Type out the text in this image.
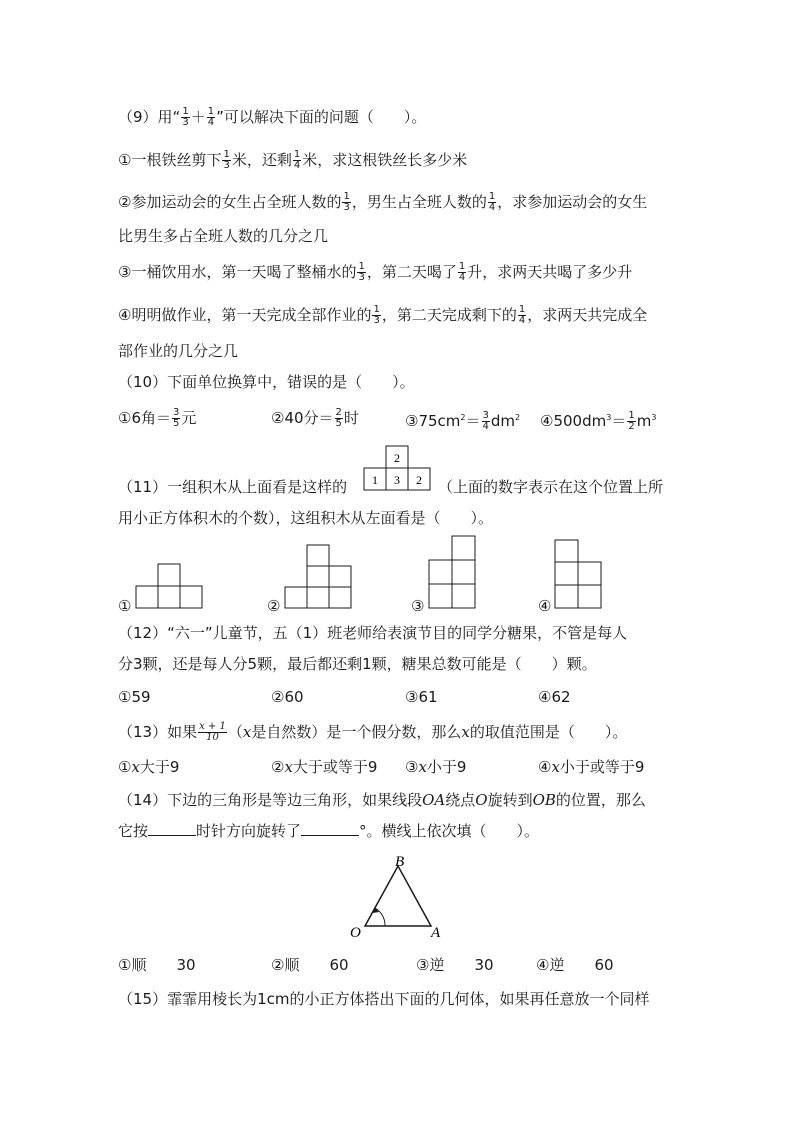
（9）用“ $\frac{1}{3} + \frac{1}{4}$ ”可以解决下面的问题（　　）。
①一根铁丝剪下 $\frac{1}{3}$ 米，还剩 $\frac{1}{4}$ 米，求这根铁丝长多少米
②参加运动会的女生占全班人数的 $\frac{1}{3}$ ，男生占全班人数的 $\frac{1}{4}$ ，求参加运动会的女生
比男生多占全班人数的几分之几
③一桶饮用水，第一天喝了整桶水的 $\frac{1}{3}$ ，第二天喝了 $\frac{1}{4}$ 升，求两天共喝了多少升
④明明做作业，第一天完成全部作业的 $\frac{1}{3}$ ，第二天完成剩下的 $\frac{1}{4}$ ，求两天共完成全
部作业的几分之几
（10）下面单位换算中，错误的是（　　）。
①6角＝ $\frac{3}{5}$ 元	②40分＝ $\frac{2}{5}$ 时	$③75cm^2= \frac{3}{4} dm^2$ $④500dm^3= \frac{1}{2} m^3$
（11）一组积木从上面看是这样的
2
1 3 2 （上面的数字表示在这个位置上所
用小正方体积木的个数），这组积木从左面看是（　　）。
①	②	③	④
（12）“六一”儿童节，五（1）班老师给表演节目的同学分糖果，不管是每人
分3颗，还是每人分5颗，最后都还剩1颗，糖果总数可能是（　　）颗。
①59	②60	③61	④62
（13）如果 $\frac{x + 1}{10} (x$是自然数）是一个假分数，那么x的取值范围是（　　）。
①x大于9	②x大于或等于9 ③x小于9	④x小于或等于9
（14）下边的三角形是等边三角形，如果线段OA绕点O旋转到OB的位置，那么
它按	时针方向旋转了	°。横线上依次填（　　）。
B
O	A
①顺 30	②顺 60	③逆 30	④逆 60
（15）霏霏用棱长为1cm的小正方体搭出下面的几何体，如果再任意放一个同样
